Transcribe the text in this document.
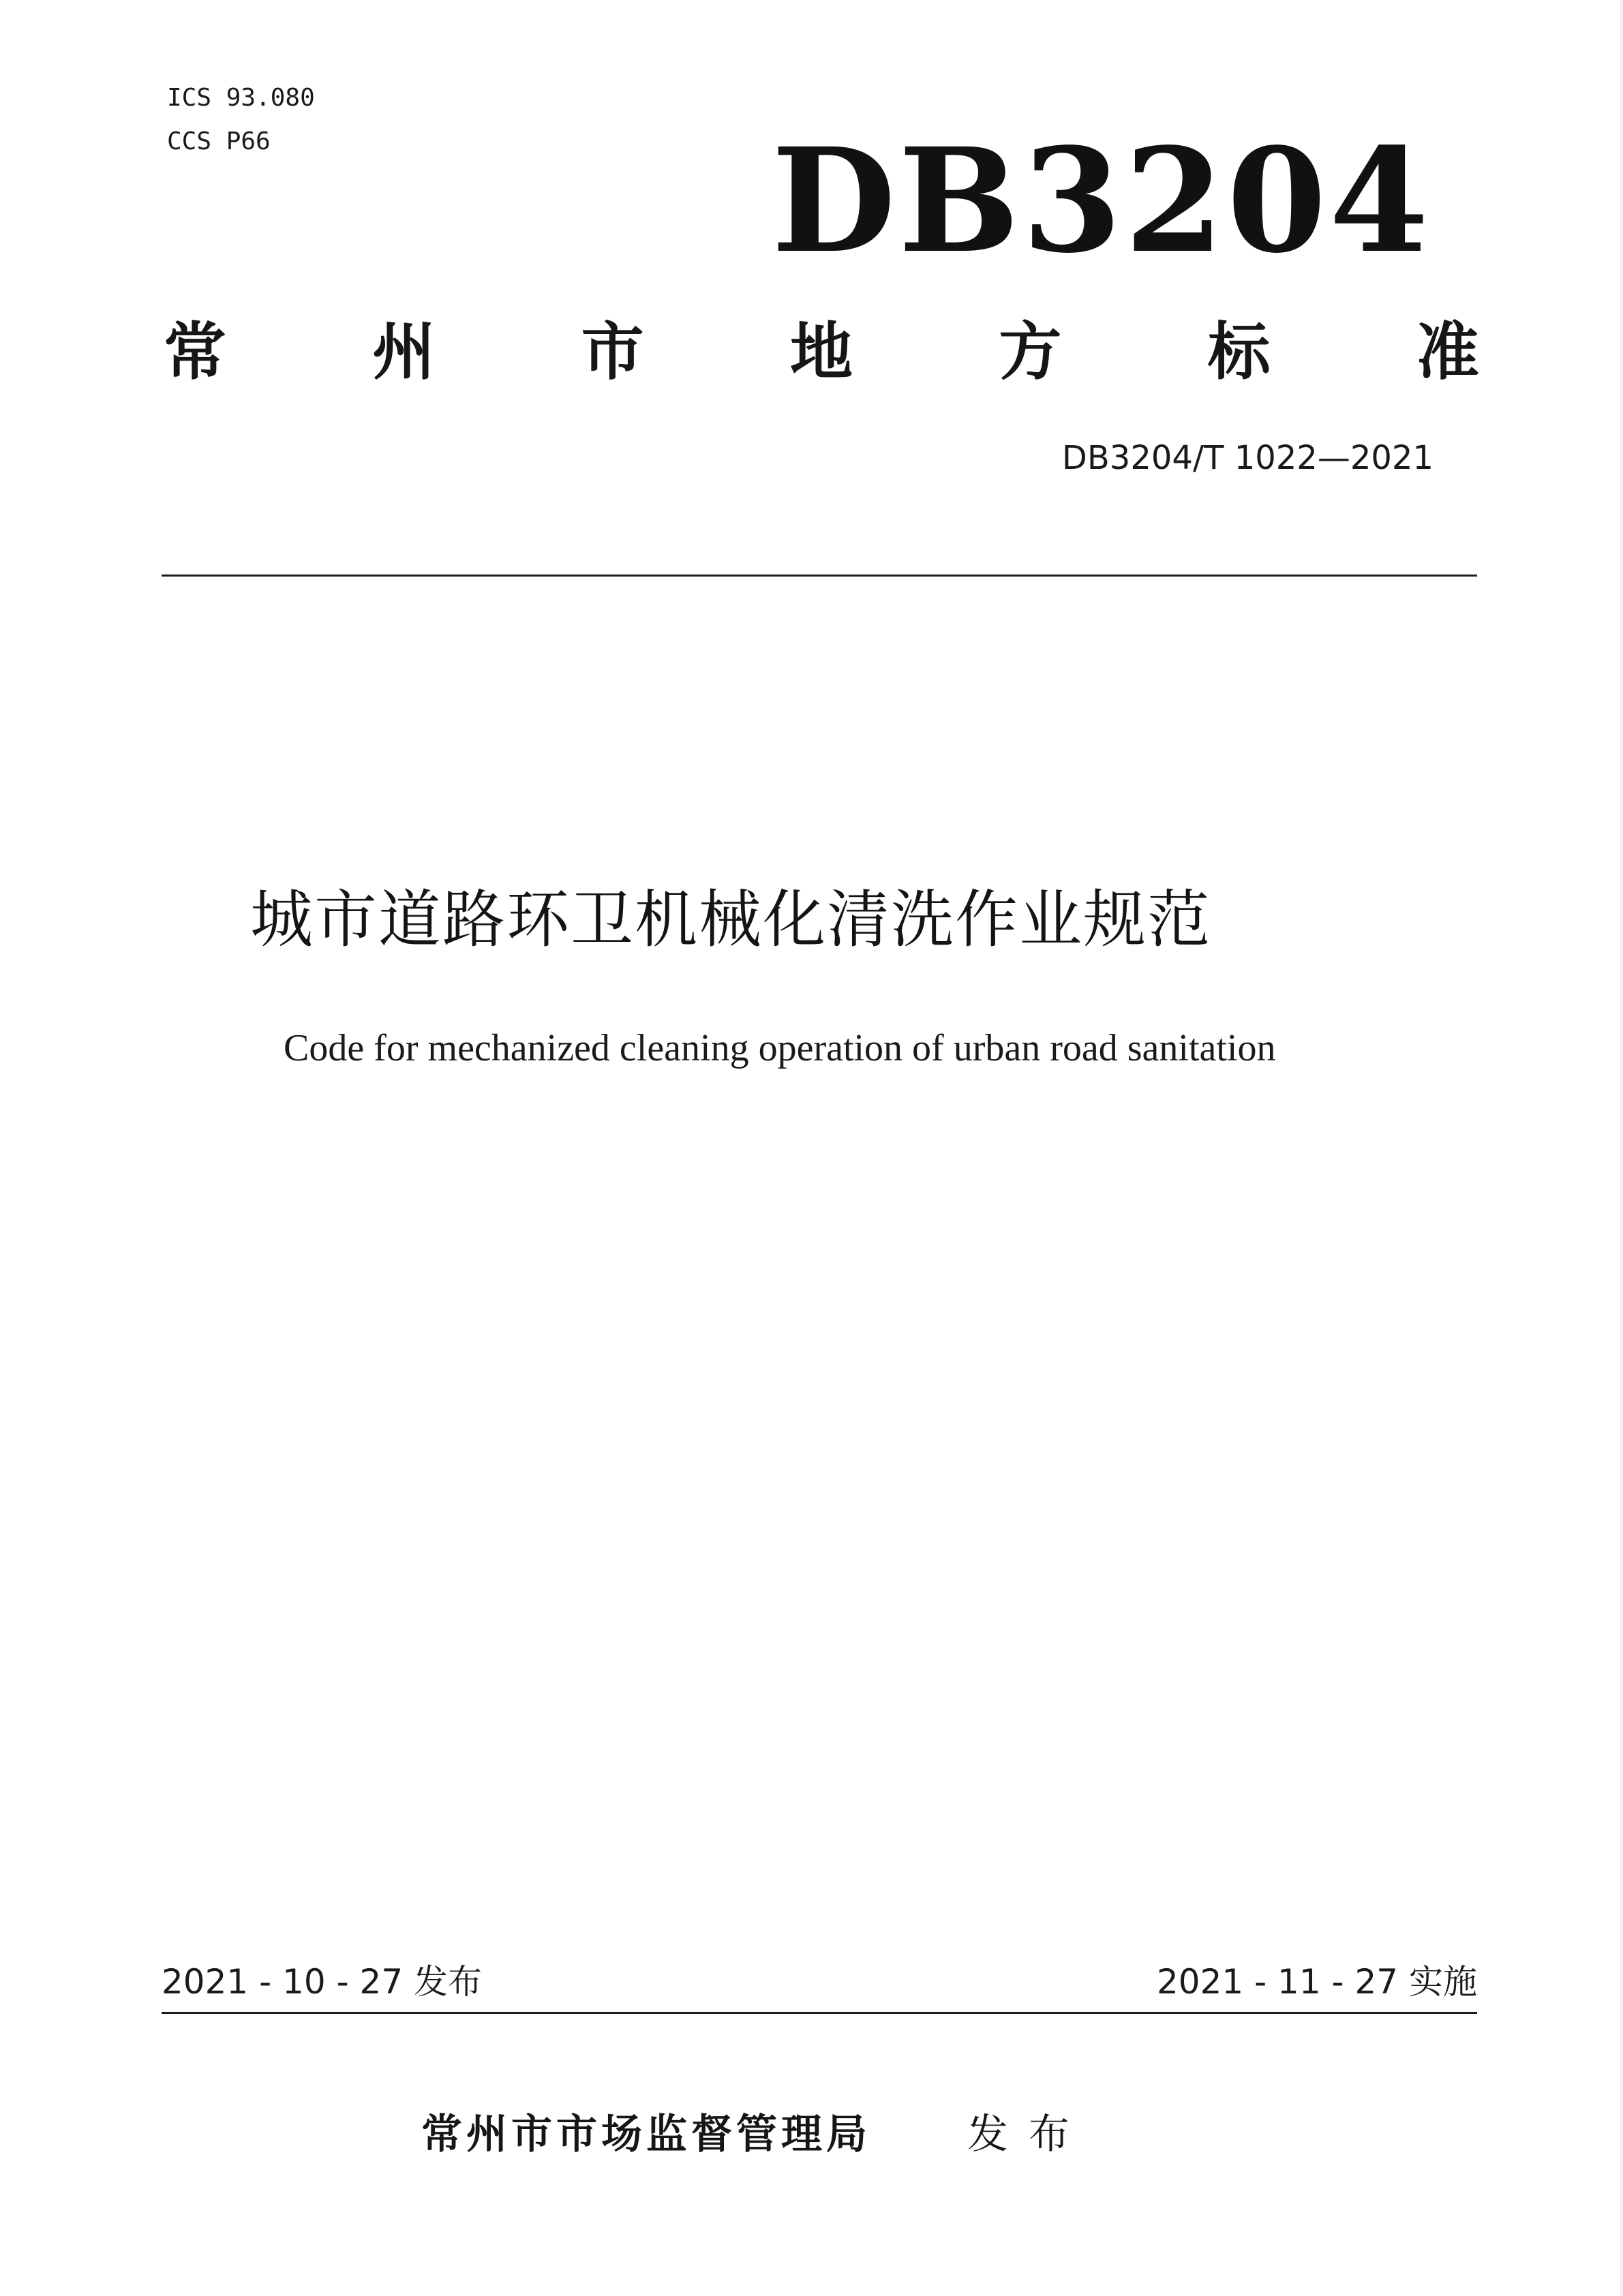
ICS 93.080
CCS P66	DB3204
常 州 市 地 方 标 准
DB3204/T 1022—2021
城市道路环卫机械化清洗作业规范
Code for mechanized cleaning operation of urban road sanitation
2021 - 10 - 27 发布	2021 - 11 - 27 实施
常州市市场监督管理局 发布
